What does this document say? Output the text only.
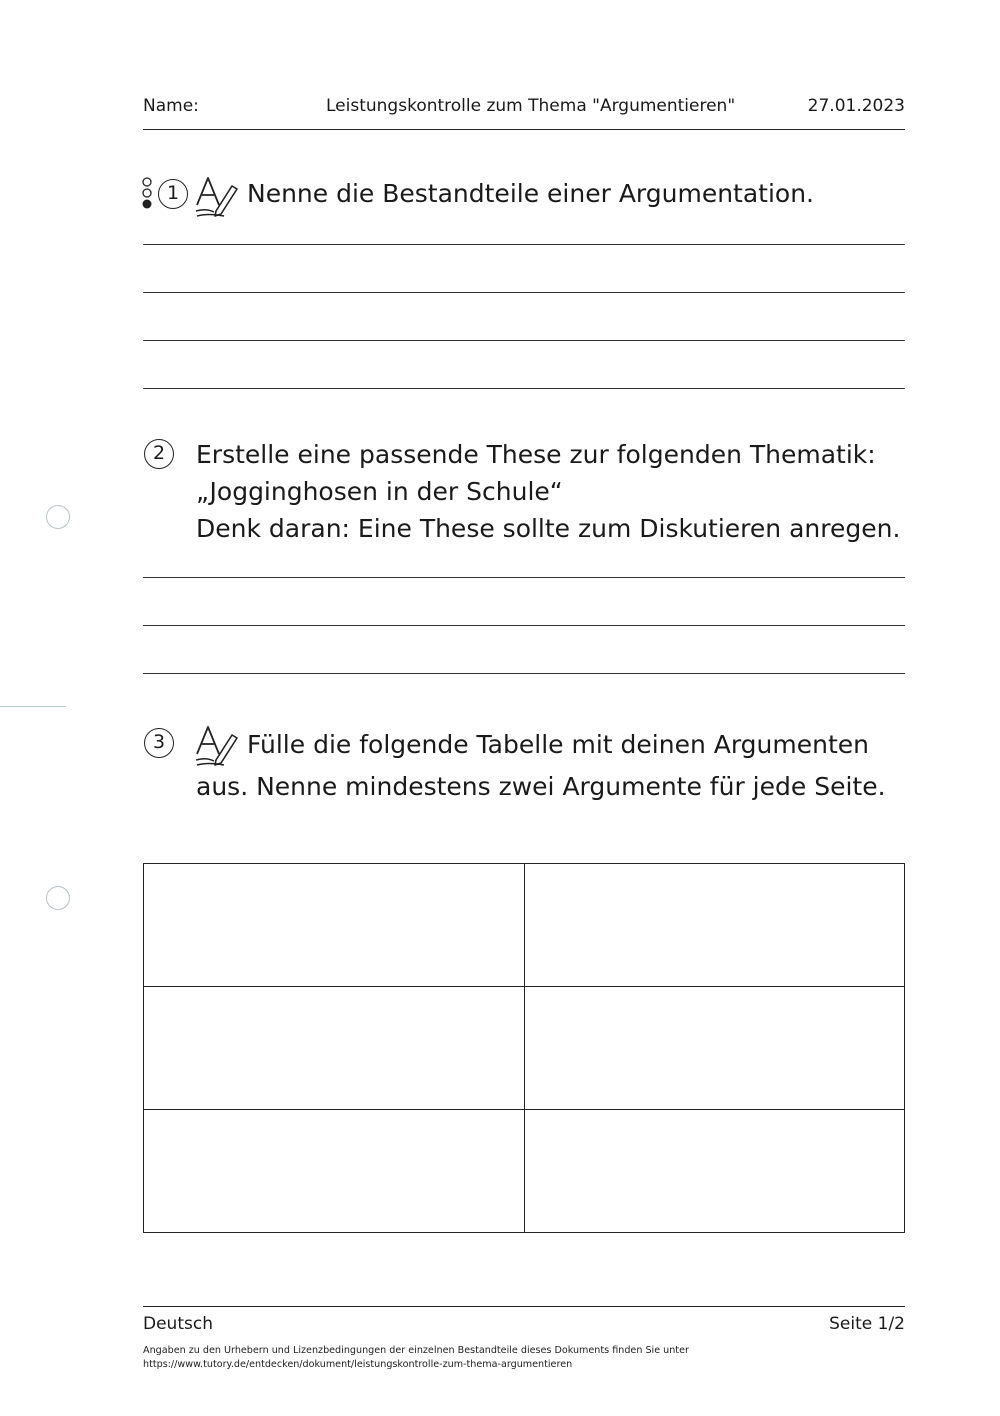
Name:	Leistungskontrolle zum Thema "Argumentieren"	27.01.2023
1	Nenne die Bestandteile einer Argumentation.
2	Erstelle eine passende These zur folgenden Thematik:
„Jogginghosen in der Schule“
Denk daran: Eine These sollte zum Diskutieren anregen.
3	Fülle die folgende Tabelle mit deinen Argumenten
aus. Nenne mindestens zwei Argumente für jede Seite.

Deutsch	Seite 1/2
Angaben zu den Urhebern und Lizenzbedingungen der einzelnen Bestandteile dieses Dokuments finden Sie unter
https://www.tutory.de/entdecken/dokument/leistungskontrolle-zum-thema-argumentieren
